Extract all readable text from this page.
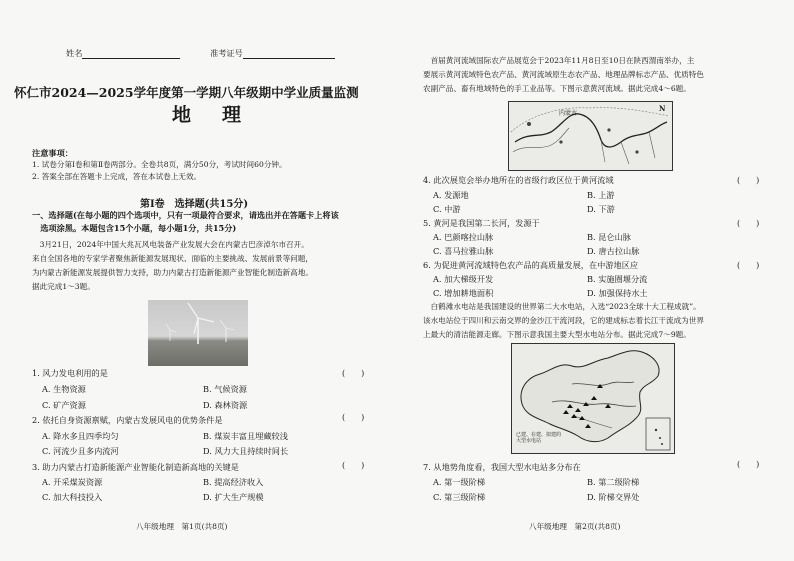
姓名	准考证号
怀仁市2024—2025学年度第一学期八年级期中学业质量监测
地　理
注意事项：
1. 试卷分第Ⅰ卷和第Ⅱ卷两部分。全卷共8页，满分50分，考试时间60分钟。
2. 答案全部在答题卡上完成，答在本试卷上无效。
第Ⅰ卷　选择题(共15分)
一、选择题(在每小题的四个选项中，只有一项最符合要求，请选出并在答题卡上将该
　选项涂黑。本题包含15个小题，每小题1分，共15分)
　3月21日，2024年中国大兆瓦风电装备产业发展大会在内蒙古巴彦淖尔市召开。
来自全国各地的专家学者聚焦新能源发展现状、面临的主要挑战、发展前景等问题，
为内蒙古新能源发展提供智力支持，助力内蒙古打造新能源产业智能化制造新高地。
据此完成1～3题。
1. 风力发电利用的是	(　　)
A. 生物资源	B. 气候资源
C. 矿产资源	D. 森林资源
2. 依托自身资源禀赋，内蒙古发展风电的优势条件是	(　　)
A. 降水多且四季均匀	B. 煤炭丰富且埋藏较浅
C. 河流少且多内流河	D. 风力大且持续时间长
3. 助力内蒙古打造新能源产业智能化制造新高地的关键是	(　　)
A. 开采煤炭资源	B. 提高经济收入
C. 加大科技投入	D. 扩大生产规模
八年级地理　第1页(共8页)
　首届黄河流域国际农产品展览会于2023年11月8日至10日在陕西渭南举办，主
要展示黄河流域特色农产品、黄河流域原生态农产品、地理品牌标志产品、优质特色
农副产品、畜有地域特色的手工业品等。下图示意黄河流域。据此完成4～6题。
内蒙古
N
4. 此次展览会举办地所在的省级行政区位于黄河流域	(　　)
A. 发源地	B. 上游
C. 中游	D. 下游
5. 黄河是我国第二长河，发源于	(　　)
A. 巴颜喀拉山脉	B. 昆仑山脉
C. 喜马拉雅山脉	D. 唐古拉山脉
6. 为促进黄河流域特色农产品的高质量发展，在中游地区应	(　　)
A. 加大梯级开发	B. 实施圈堰分流
C. 增加耕地面积	D. 加强保持水土
　白鹤滩水电站是我国建设的世界第二大水电站，入选“2023全球十大工程成就”。
该水电站位于四川和云南交界的金沙江干流河段，它的建成标志着长江干流成为世界
上最大的清洁能源走廊。下图示意我国主要大型水电站分布。据此完成7～9题。
已建、在建、拟建的
大型水电站
7. 从地势角度看，我国大型水电站多分布在	(　　)
A. 第一级阶梯	B. 第二级阶梯
C. 第三级阶梯	D. 阶梯交界处
八年级地理　第2页(共8页)
